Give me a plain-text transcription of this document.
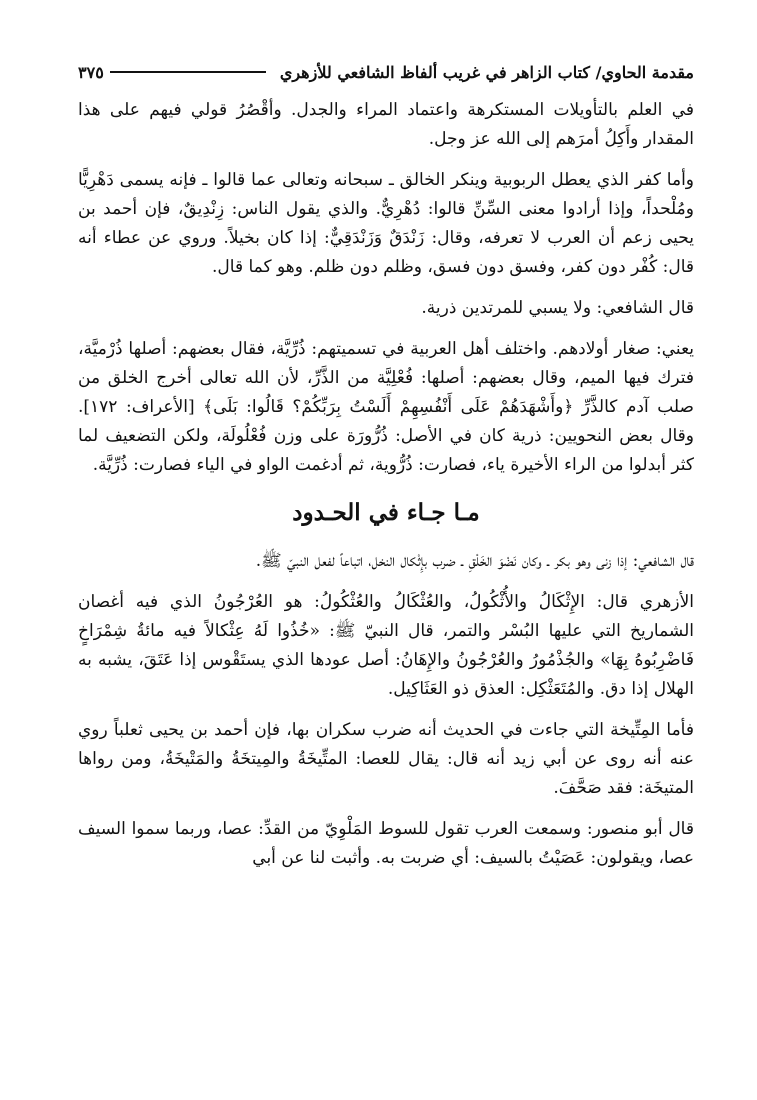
مقدمة الحاوي/ كتاب الزاهر في غريب ألفاظ الشافعي للأزهري
٣٧٥

في العلم بالتأويلات المستكرهة واعتماد المراء والجدل. وأقْصُرُ قولي فيهم على هذا المقدار وأَكِلُ أمرَهم إلى الله عز وجل.

وأما كفر الذي يعطل الربوبية وينكر الخالق ـ سبحانه وتعالى عما قالوا ـ فإنه يسمى دَهْرِيًّا ومُلْحداً، وإذا أرادوا معنى السِّنِّ قالوا: دُهْرِيٌّ. والذي يقول الناس: زِنْدِيقٌ، فإن أحمد بن يحيى زعم أن العرب لا تعرفه، وقال: زَنْدَقٌ وَزَنْدَقِيٌّ: إذا كان بخيلاً. وروي عن عطاء أنه قال: كُفْر دون كفر، وفسق دون فسق، وظلم دون ظلم. وهو كما قال.

قال الشافعي: ولا يسبي للمرتدين ذرية.

يعني: صغار أولادهم. واختلف أهل العربية في تسميتهم: ذُرِّيَّة، فقال بعضهم: أصلها ذُرْميَّة، فترك فيها الميم، وقال بعضهم: أصلها: فُعْلِيَّة من الذَّرِّ، لأن الله تعالى أخرج الخلق من صلب آدم كالذَّرِّ ﴿وأَشْهَدَهُمْ عَلَى أَنْفُسِهِمْ أَلَسْتُ بِرَبِّكُمْ؟ قَالُوا: بَلَى﴾ [الأعراف: ١٧٢]. وقال بعض النحويين: ذرية كان في الأصل: ذُرُّورَة على وزن فُعْلُولَة، ولكن التضعيف لما كثر أبدلوا من الراء الأخيرة ياء، فصارت: ذُرُّوية، ثم أدغمت الواو في الياء فصارت: ذُرِّيَّة.

مـا جـاء في الحـدود

قال الشافعي: إذا زنى وهو بكر ـ وكان نَضْوَ الخَلْقِ ـ ضرب بإِثْكال النخل، اتباعاً لفعل النبيّ ﷺ.

الأزهري قال: الإِثْكَالُ والأُثْكُولُ، والعُثْكَالُ والعُثْكُولُ: هو العُرْجُونُ الذي فيه أغصان الشماريخ التي عليها البُسْر والتمر، قال النبيّ ﷺ: «خُذُوا لَهُ عِثْكالاً فيه مائةُ شِمْرَاخٍ فَاضْرِبُوهُ بِهَا» والجُذْمُورُ والعُرْجُونُ والإِهَانُ: أصل عودها الذي يستَقْوس إذا عَتَقَ، يشبه به الهلال إذا دق. والمُتَعَثْكِل: العذق ذو العَثَاكِيل.

فأما المِتِّيخة التي جاءت في الحديث أنه ضرب سكران بها، فإن أحمد بن يحيى ثعلباً روي عنه أنه روى عن أبي زيد أنه قال: يقال للعصا: المتِّيخَةُ والمِيتخَةُ والمَتْيخَةُ، ومن رواها المتيخَة: فقد صَحَّفَ.

قال أبو منصور: وسمعت العرب تقول للسوط المَلْوِيّ من القدِّ: عصا، وربما سموا السيف عصا، ويقولون: عَصَيْتُ بالسيف: أي ضربت به. وأثبت لنا عن أبي
